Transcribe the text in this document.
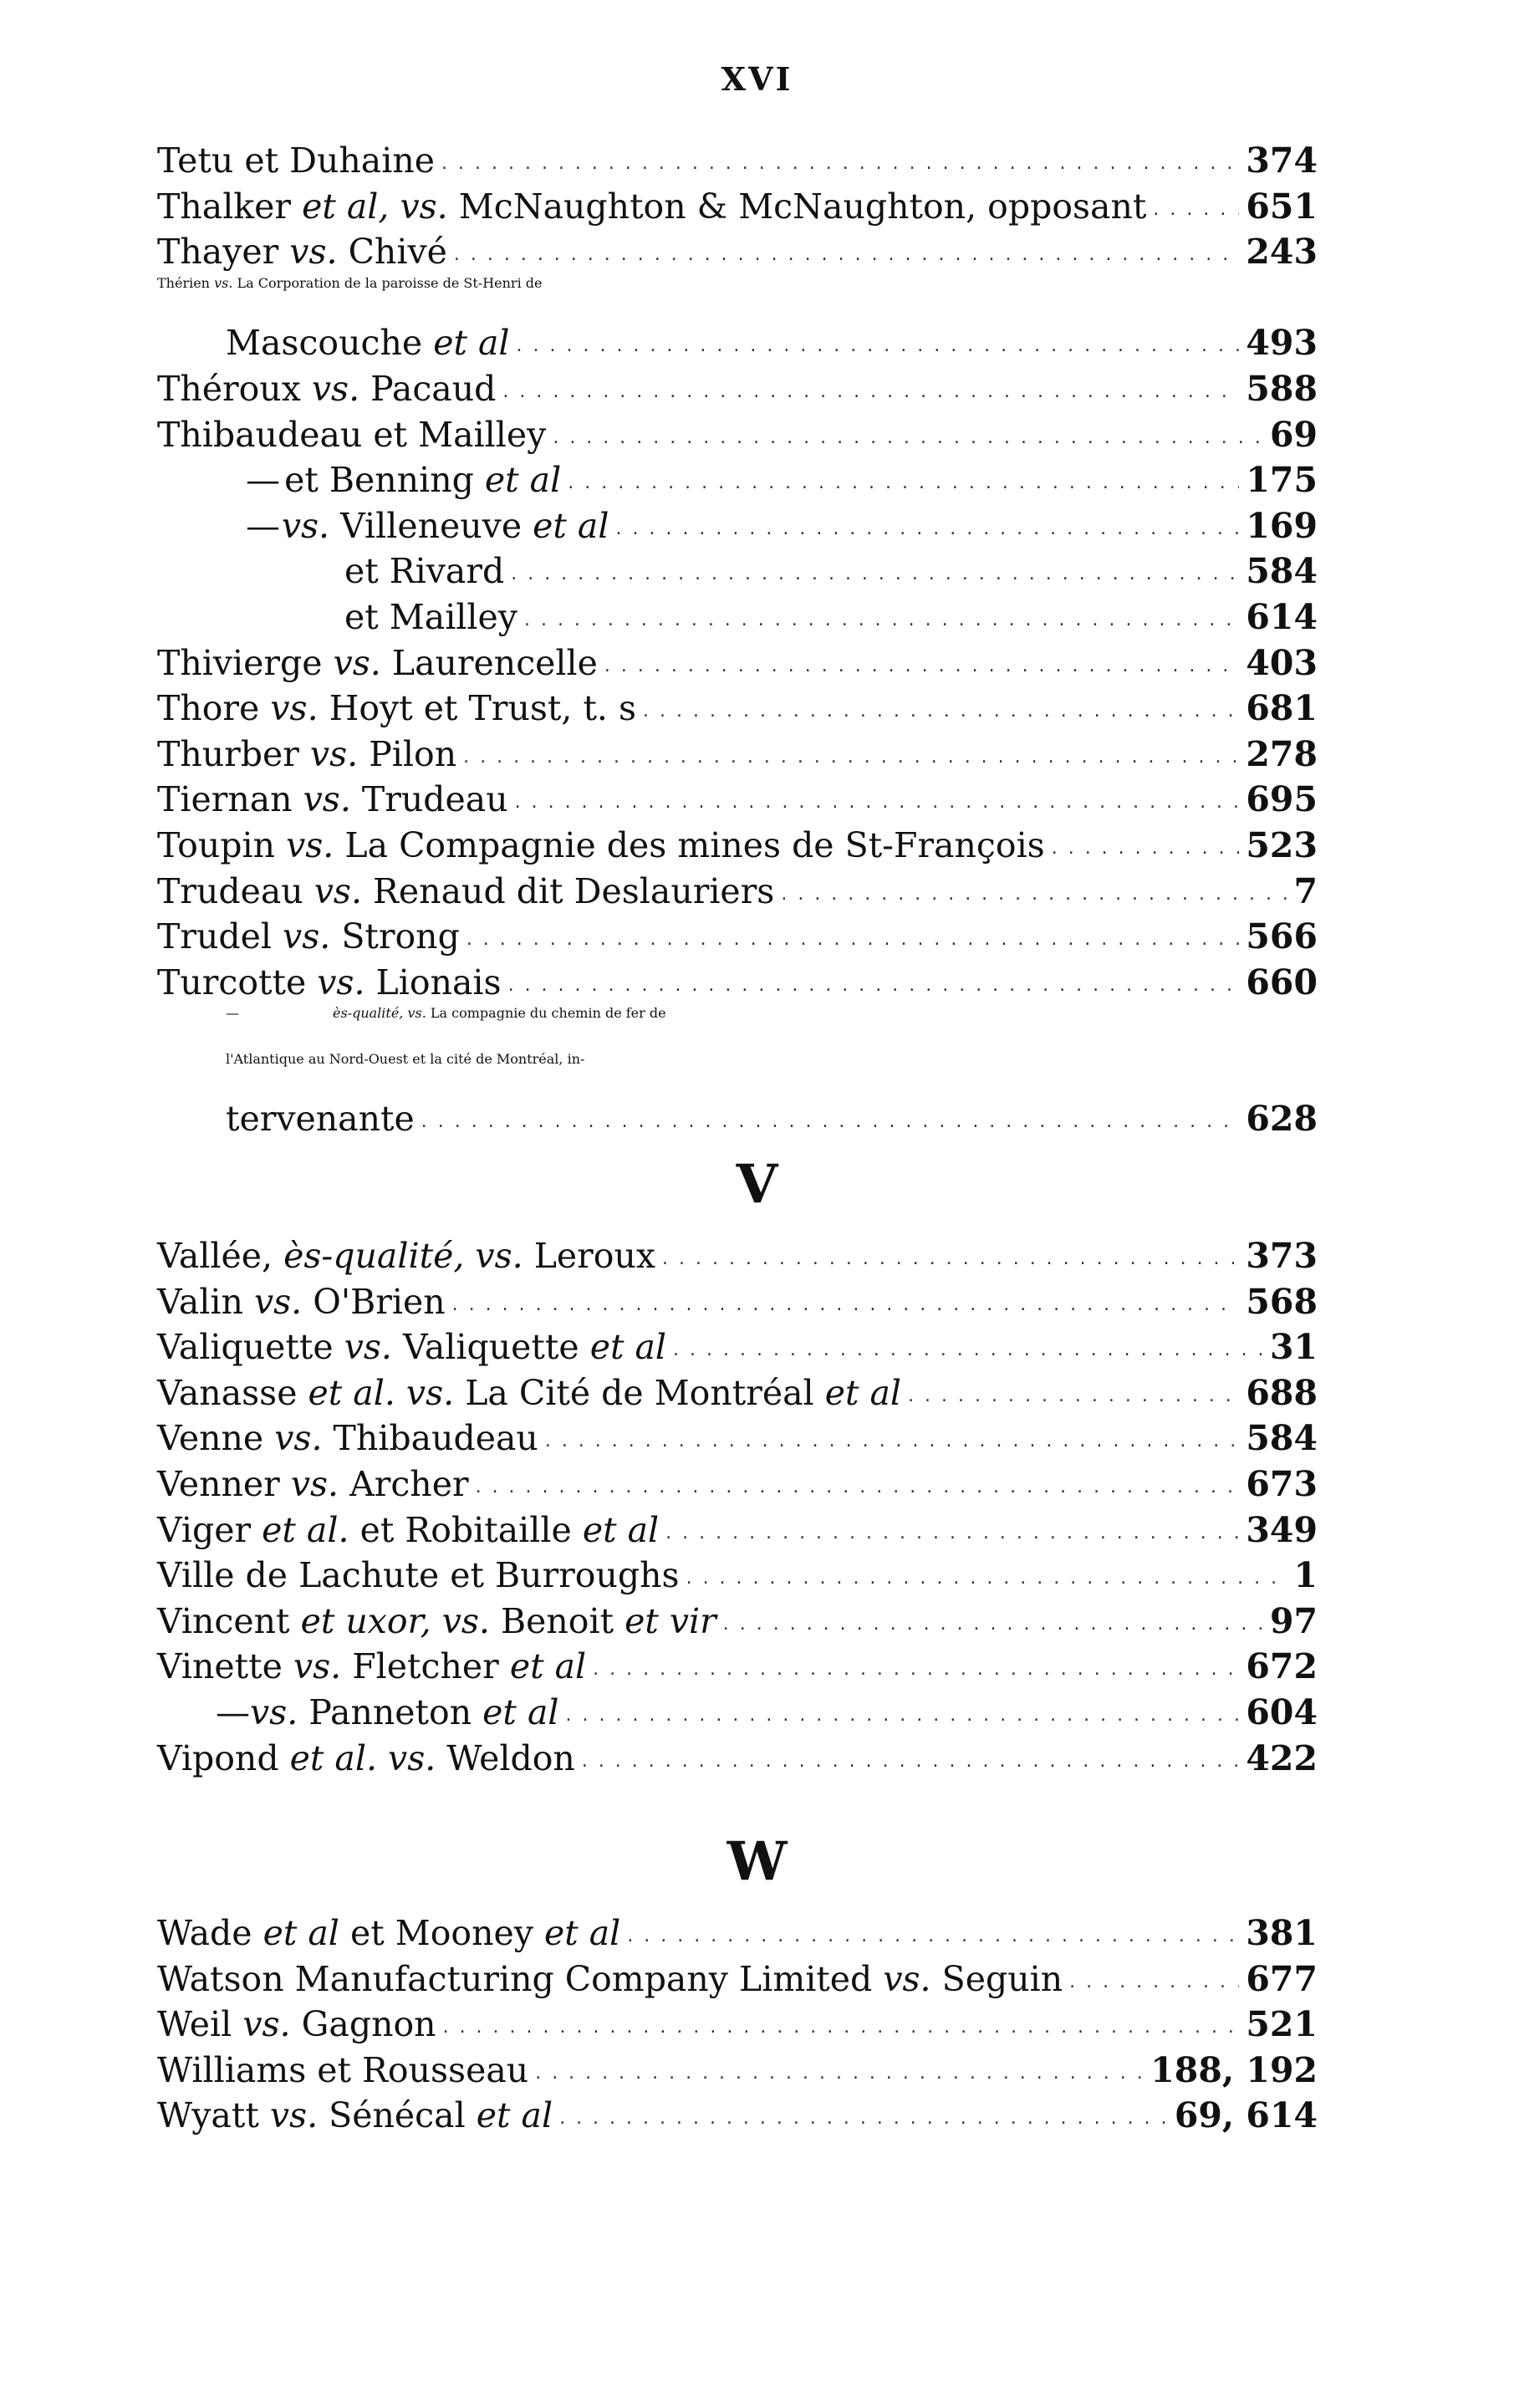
XVI
Tetu et Duhaine . . .	374
Thalker et al, vs. McNaughton & McNaughton, opposant . . .	651
Thayer vs. Chivé . . .	243
Thérien vs. La Corporation de la paroisse de St-Henri de
Mascouche et al . . .	493
Théroux vs. Pacaud . . .	588
Thibaudeau et Mailley . . .	69
— et Benning et al . . .	175
— vs. Villeneuve et al . . .	169
et Rivard . . .	584
et Mailley . . .	614
Thivierge vs. Laurencelle . . .	403
Thore vs. Hoyt et Trust, t. s . . .	681
Thurber vs. Pilon . . .	278
Tiernan vs. Trudeau . . .	695
Toupin vs. La Compagnie des mines de St-François . . .	523
Trudeau vs. Renaud dit Deslauriers . . .	7
Trudel vs. Strong . . .	566
Turcotte vs. Lionais . . .	660
—	ès-qualité, vs. La compagnie du chemin de fer de
l'Atlantique au Nord-Ouest et la cité de Montréal, in-
tervenante . . .	628
V
Vallée, ès-qualité, vs. Leroux . . .	373
Valin vs. O'Brien . . .	568
Valiquette vs. Valiquette et al . . .	31
Vanasse et al. vs. La Cité de Montréal et al . . .	688
Venne vs. Thibaudeau . . .	584
Venner vs. Archer . . .	673
Viger et al. et Robitaille et al . . .	349
Ville de Lachute et Burroughs . . .	1
Vincent et uxor, vs. Benoit et vir . . .	97
Vinette vs. Fletcher et al . . .	672
— vs. Panneton et al . . .	604
Vipond et al. vs. Weldon . . .	422
W
Wade et al et Mooney et al . . .	381
Watson Manufacturing Company Limited vs. Seguin . . .	677
Weil vs. Gagnon . . .	521
Williams et Rousseau . . .	188, 192
Wyatt vs. Sénécal et al . . .	69, 614
